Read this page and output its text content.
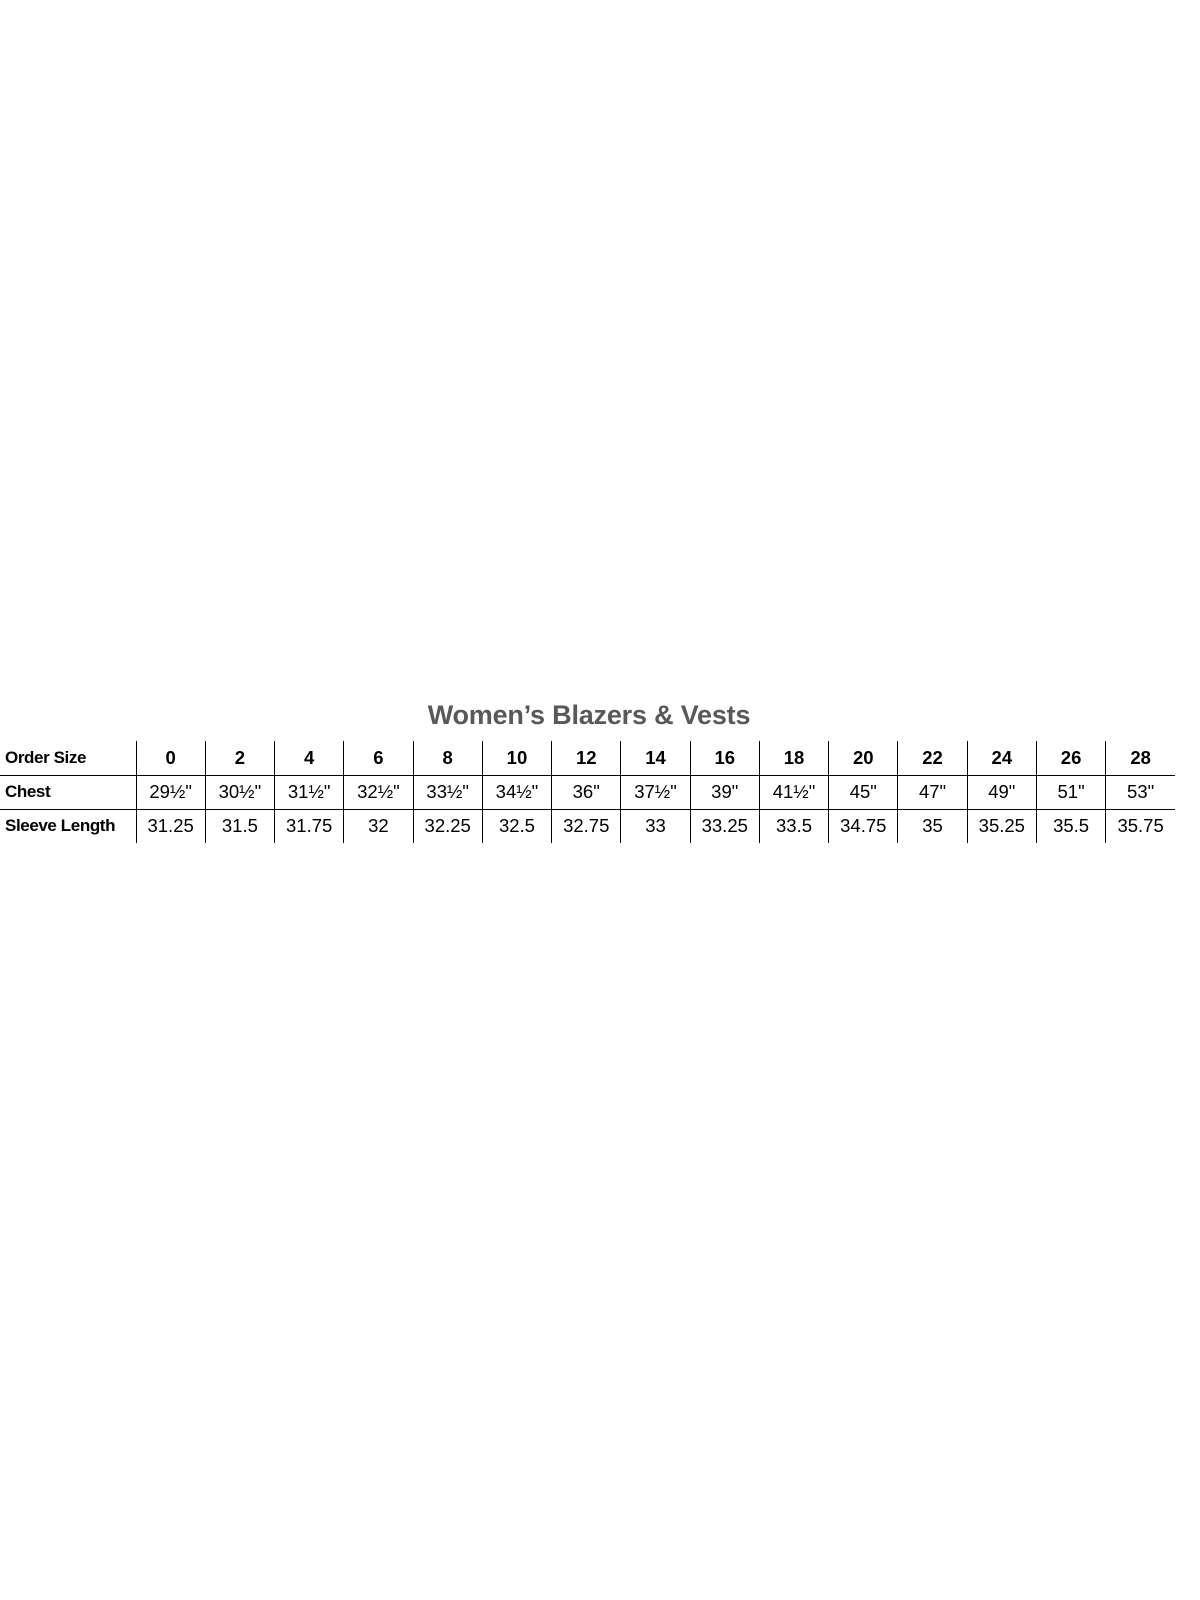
Women’s Blazers & Vests
Order Size	0	2	4	6	8	10	12	14	16	18	20	22	24	26	28
Chest	29½"	30½"	31½"	32½"	33½"	34½"	36"	37½"	39"	41½"	45"	47"	49"	51"	53"
Sleeve Length	31.25	31.5	31.75	32	32.25	32.5	32.75	33	33.25	33.5	34.75	35	35.25	35.5	35.75
